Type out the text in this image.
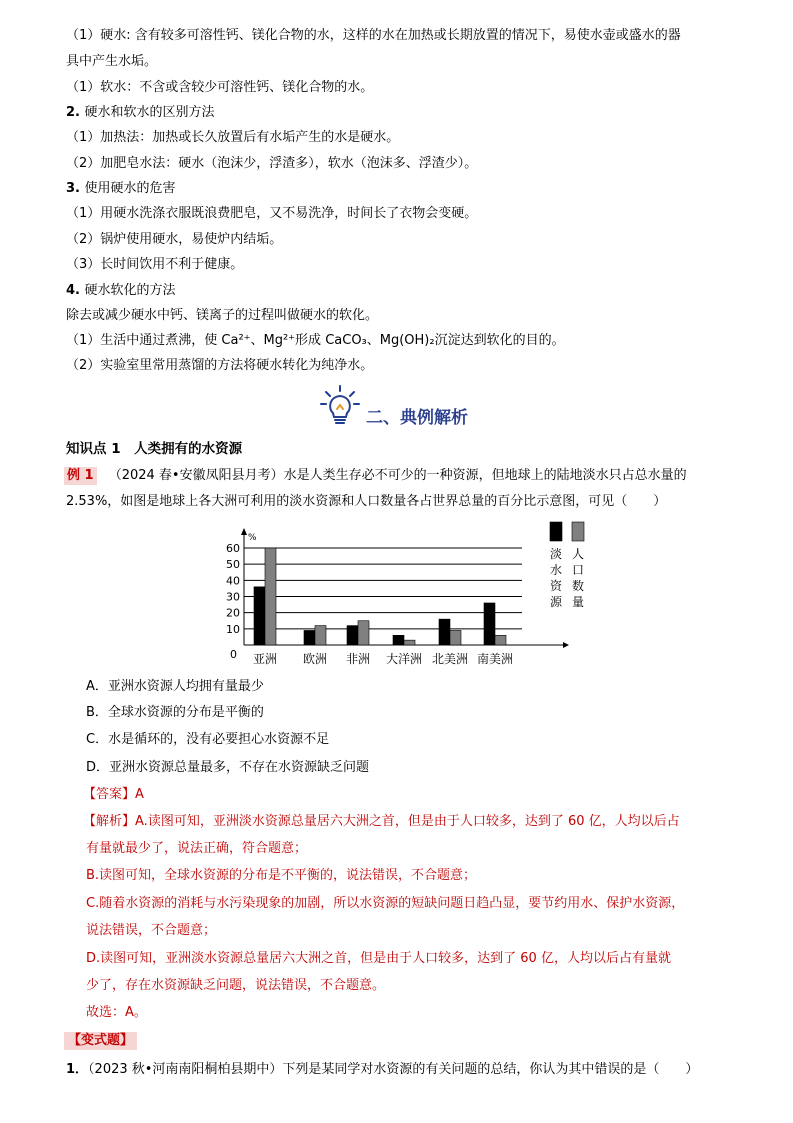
（1）硬水: 含有较多可溶性钙、镁化合物的水，这样的水在加热或长期放置的情况下，易使水壶或盛水的器
具中产生水垢。
（1）软水：不含或含较少可溶性钙、镁化合物的水。
2. 硬水和软水的区别方法
（1）加热法：加热或长久放置后有水垢产生的水是硬水。
（2）加肥皂水法：硬水（泡沫少，浮渣多），软水（泡沫多、浮渣少）。
3. 使用硬水的危害
（1）用硬水洗涤衣服既浪费肥皂，又不易洗净，时间长了衣物会变硬。
（2）锅炉使用硬水，易使炉内结垢。
（3）长时间饮用不利于健康。
4. 硬水软化的方法
除去或减少硬水中钙、镁离子的过程叫做硬水的软化。
（1）生活中通过煮沸，使 Ca²⁺、Mg²⁺形成 CaCO₃、Mg(OH)₂沉淀达到软化的目的。
（2）实验室里常用蒸馏的方法将硬水转化为纯净水。
二、典例解析
知识点 1　人类拥有的水资源
例 1 （2024 春•安徽凤阳县月考）水是人类生存必不可少的一种资源，但地球上的陆地淡水只占总水量的
2.53%，如图是地球上各大洲可利用的淡水资源和人口数量各占世界总量的百分比示意图，可见（　　）
%
0
10
20
30
40
50
60
亚洲 欧洲 非洲 大洋洲 北美洲 南美洲
淡
水
资
源
人
口
数
量
A．亚洲水资源人均拥有量最少
B．全球水资源的分布是平衡的
C．水是循环的，没有必要担心水资源不足
D．亚洲水资源总量最多，不存在水资源缺乏问题
【答案】A
【解析】A.读图可知，亚洲淡水资源总量居六大洲之首，但是由于人口较多，达到了 60 亿，人均以后占
有量就最少了，说法正确，符合题意；
B.读图可知，全球水资源的分布是不平衡的，说法错误，不合题意；
C.随着水资源的消耗与水污染现象的加剧，所以水资源的短缺问题日趋凸显，要节约用水、保护水资源，
说法错误，不合题意；
D.读图可知，亚洲淡水资源总量居六大洲之首，但是由于人口较多，达到了 60 亿，人均以后占有量就
少了，存在水资源缺乏问题，说法错误，不合题意。
故选：A。
【变式题】
1．（2023 秋•河南南阳桐柏县期中）下列是某同学对水资源的有关问题的总结，你认为其中错误的是（　　）
